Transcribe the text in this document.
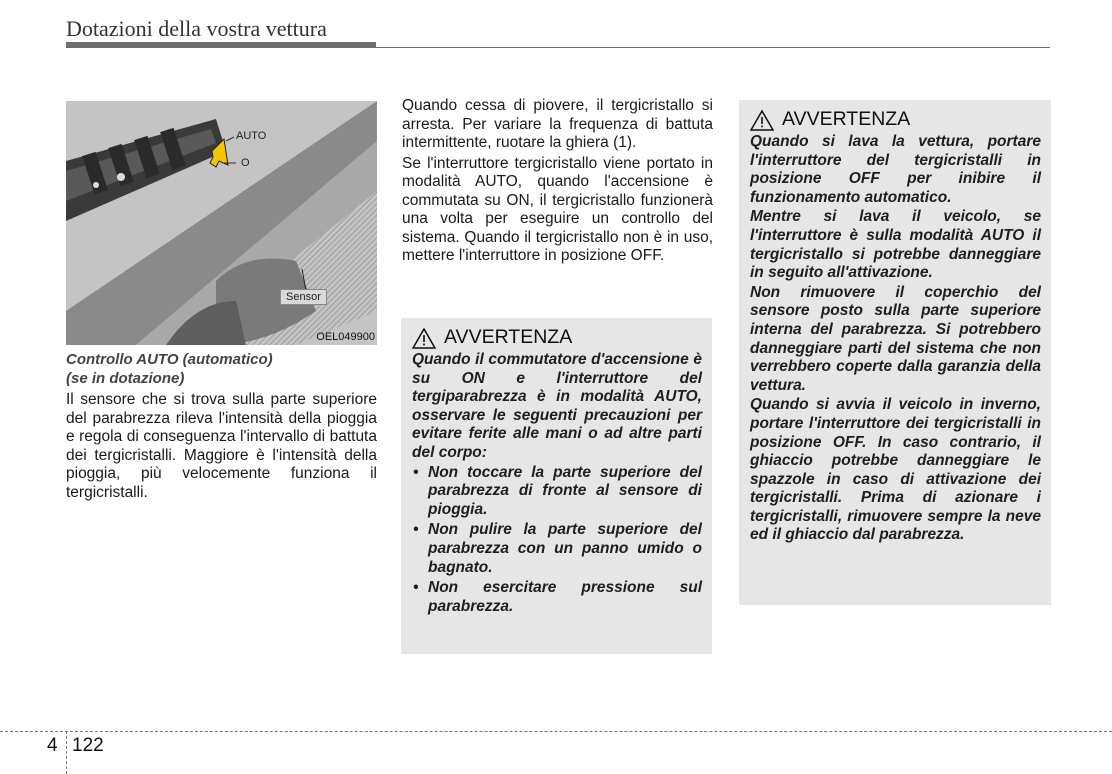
Dotazioni della vostra vettura
AUTO
O
Sensor
OEL049900
Controllo AUTO (automatico)
(se in dotazione)

Il sensore che si trova sulla parte superiore del parabrezza rileva l'intensità della pioggia e regola di conseguenza l'intervallo di battuta dei tergicristalli. Maggiore è l'intensità della pioggia, più velocemente funziona il tergicristalli.

Quando cessa di piovere, il tergicristallo si arresta. Per variare la frequenza di battuta intermittente, ruotare la ghiera (1).

Se l'interruttore tergicristallo viene portato in modalità AUTO, quando l'accensione è commutata su ON, il tergicristallo funzionerà una volta per eseguire un controllo del sistema. Quando il tergicristallo non è in uso, mettere l'interruttore in posizione OFF.

AVVERTENZA

Quando il commutatore d'accensione è su ON e l'interruttore del tergiparabrezza è in modalità AUTO, osservare le seguenti precauzioni per evitare ferite alle mani o ad altre parti del corpo:

• Non toccare la parte superiore del parabrezza di fronte al sensore di pioggia.
• Non pulire la parte superiore del parabrezza con un panno umido o bagnato.
• Non esercitare pressione sul parabrezza.
AVVERTENZA

Quando si lava la vettura, portare l'interruttore del tergicristalli in posizione OFF per inibire il funzionamento automatico.

Mentre si lava il veicolo, se l'interruttore è sulla modalità AUTO il tergicristallo si potrebbe danneggiare in seguito all'attivazione.

Non rimuovere il coperchio del sensore posto sulla parte superiore interna del parabrezza. Si potrebbero danneggiare parti del sistema che non verrebbero coperte dalla garanzia della vettura.

Quando si avvia il veicolo in inverno, portare l'interruttore dei tergicristalli in posizione OFF. In caso contrario, il ghiaccio potrebbe danneggiare le spazzole in caso di attivazione dei tergicristalli. Prima di azionare i tergicristalli, rimuovere sempre la neve ed il ghiaccio dal parabrezza.

4 122
